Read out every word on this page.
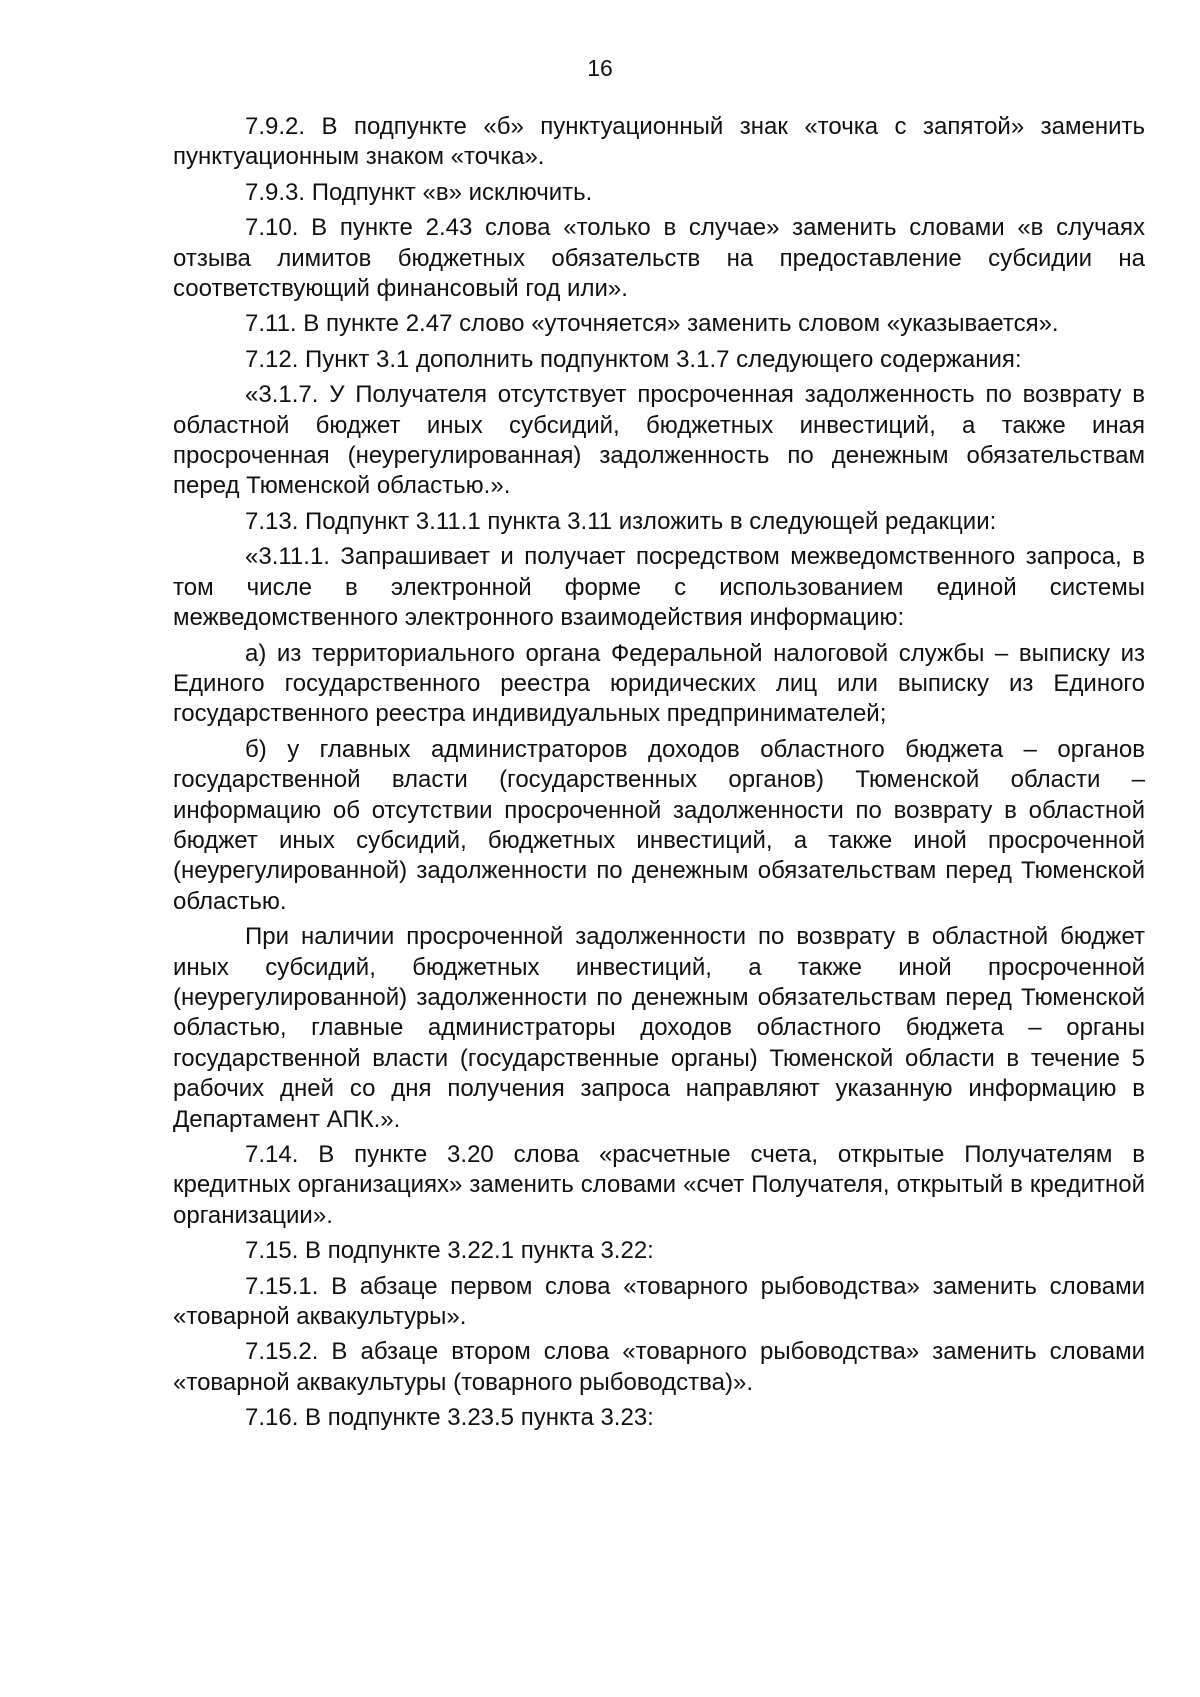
16

7.9.2. В подпункте «б» пунктуационный знак «точка с запятой» заменить пунктуационным знаком «точка».

7.9.3. Подпункт «в» исключить.

7.10. В пункте 2.43 слова «только в случае» заменить словами «в случаях отзыва лимитов бюджетных обязательств на предоставление субсидии на соответствующий финансовый год или».

7.11. В пункте 2.47 слово «уточняется» заменить словом «указывается».

7.12. Пункт 3.1 дополнить подпунктом 3.1.7 следующего содержания:

«3.1.7. У Получателя отсутствует просроченная задолженность по возврату в областной бюджет иных субсидий, бюджетных инвестиций, а также иная просроченная (неурегулированная) задолженность по денежным обязательствам перед Тюменской областью.».

7.13. Подпункт 3.11.1 пункта 3.11 изложить в следующей редакции:

«3.11.1. Запрашивает и получает посредством межведомственного запроса, в том числе в электронной форме с использованием единой системы межведомственного электронного взаимодействия информацию:

а) из территориального органа Федеральной налоговой службы – выписку из Единого государственного реестра юридических лиц или выписку из Единого государственного реестра индивидуальных предпринимателей;

б) у главных администраторов доходов областного бюджета – органов государственной власти (государственных органов) Тюменской области – информацию об отсутствии просроченной задолженности по возврату в областной бюджет иных субсидий, бюджетных инвестиций, а также иной просроченной (неурегулированной) задолженности по денежным обязательствам перед Тюменской областью.

При наличии просроченной задолженности по возврату в областной бюджет иных субсидий, бюджетных инвестиций, а также иной просроченной (неурегулированной) задолженности по денежным обязательствам перед Тюменской областью, главные администраторы доходов областного бюджета – органы государственной власти (государственные органы) Тюменской области в течение 5 рабочих дней со дня получения запроса направляют указанную информацию в Департамент АПК.».

7.14. В пункте 3.20 слова «расчетные счета, открытые Получателям в кредитных организациях» заменить словами «счет Получателя, открытый в кредитной организации».

7.15. В подпункте 3.22.1 пункта 3.22:

7.15.1. В абзаце первом слова «товарного рыбоводства» заменить словами «товарной аквакультуры».

7.15.2. В абзаце втором слова «товарного рыбоводства» заменить словами «товарной аквакультуры (товарного рыбоводства)».

7.16. В подпункте 3.23.5 пункта 3.23:
